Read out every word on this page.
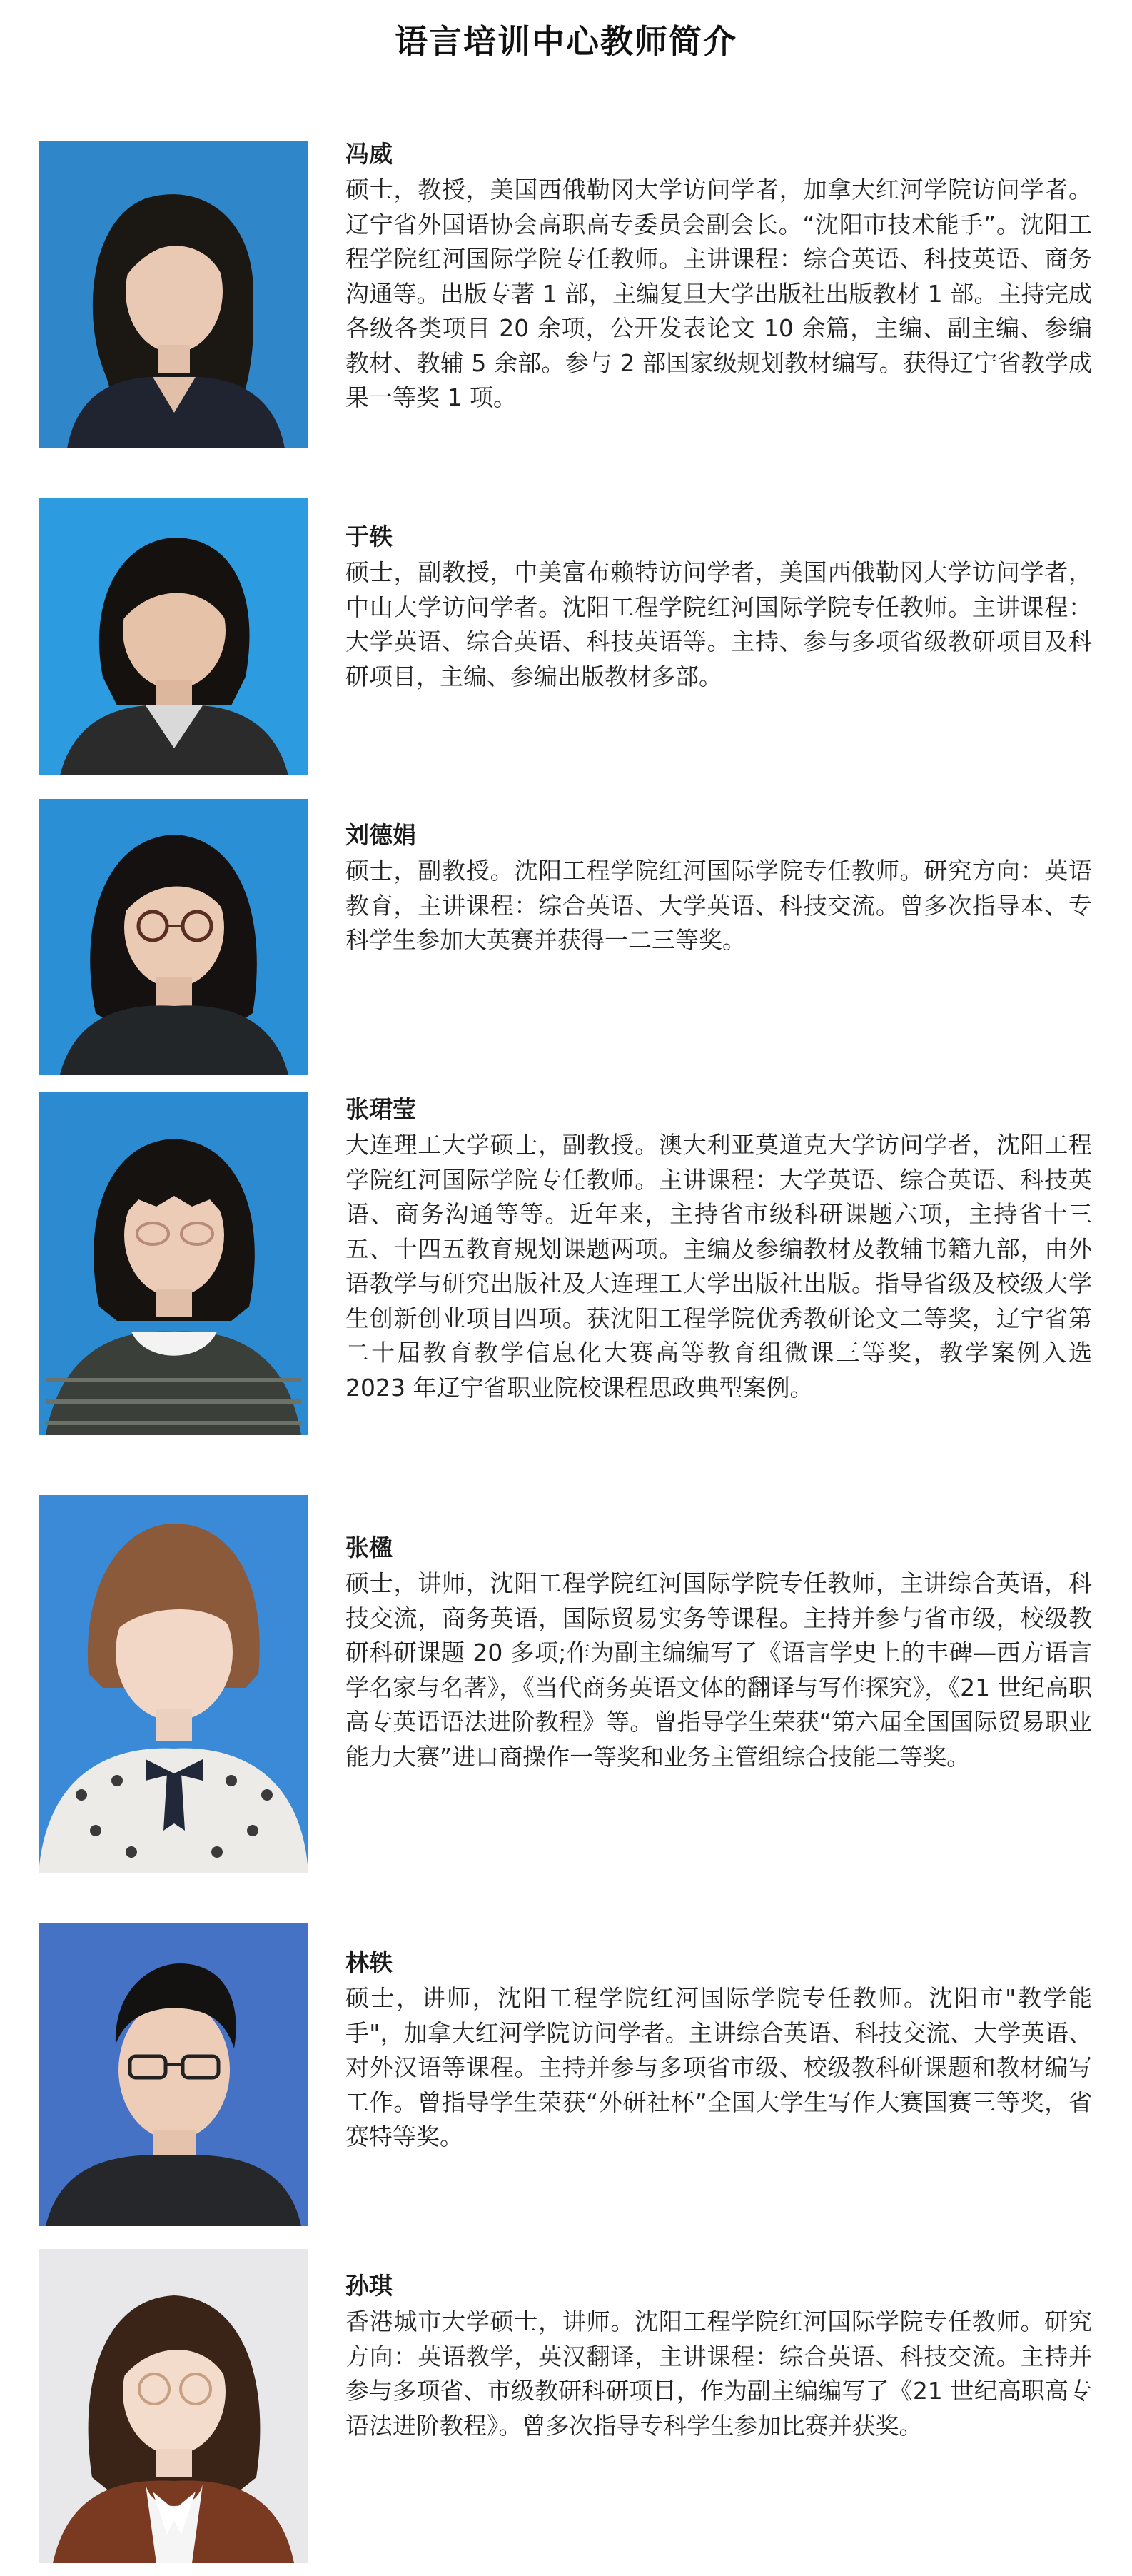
语言培训中心教师简介
冯威

硕士，教授，美国西俄勒冈大学访问学者，加拿大红河学院访问学者。辽宁省外国语协会高职高专委员会副会长。“沈阳市技术能手”。沈阳工程学院红河国际学院专任教师。主讲课程：综合英语、科技英语、商务沟通等。出版专著 1 部，主编复旦大学出版社出版教材 1 部。主持完成各级各类项目 20 余项，公开发表论文 10 余篇，主编、副主编、参编教材、教辅 5 余部。参与 2 部国家级规划教材编写。获得辽宁省教学成果一等奖 1 项。

于轶

硕士，副教授，中美富布赖特访问学者，美国西俄勒冈大学访问学者，中山大学访问学者。沈阳工程学院红河国际学院专任教师。主讲课程：大学英语、综合英语、科技英语等。主持、参与多项省级教研项目及科研项目，主编、参编出版教材多部。

刘德娟

硕士，副教授。沈阳工程学院红河国际学院专任教师。研究方向：英语教育，主讲课程：综合英语、大学英语、科技交流。曾多次指导本、专科学生参加大英赛并获得一二三等奖。

张珺莹

大连理工大学硕士，副教授。澳大利亚莫道克大学访问学者，沈阳工程学院红河国际学院专任教师。主讲课程：大学英语、综合英语、科技英语、商务沟通等等。近年来，主持省市级科研课题六项，主持省十三五、十四五教育规划课题两项。主编及参编教材及教辅书籍九部，由外语教学与研究出版社及大连理工大学出版社出版。指导省级及校级大学生创新创业项目四项。获沈阳工程学院优秀教研论文二等奖，辽宁省第二十届教育教学信息化大赛高等教育组微课三等奖，教学案例入选 2023 年辽宁省职业院校课程思政典型案例。

张楹

硕士，讲师，沈阳工程学院红河国际学院专任教师，主讲综合英语，科技交流，商务英语，国际贸易实务等课程。主持并参与省市级，校级教研科研课题 20 多项;作为副主编编写了《语言学史上的丰碑—西方语言学名家与名著》，《当代商务英语文体的翻译与写作探究》，《21 世纪高职高专英语语法进阶教程》等。曾指导学生荣获“第六届全国国际贸易职业能力大赛”进口商操作一等奖和业务主管组综合技能二等奖。

林轶

硕士，讲师，沈阳工程学院红河国际学院专任教师。沈阳市"教学能手"，加拿大红河学院访问学者。主讲综合英语、科技交流、大学英语、对外汉语等课程。主持并参与多项省市级、校级教科研课题和教材编写工作。曾指导学生荣获“外研社杯”全国大学生写作大赛国赛三等奖，省赛特等奖。

孙琪

香港城市大学硕士，讲师。沈阳工程学院红河国际学院专任教师。研究方向：英语教学，英汉翻译，主讲课程：综合英语、科技交流。主持并参与多项省、市级教研科研项目，作为副主编编写了《21 世纪高职高专语法进阶教程》。曾多次指导专科学生参加比赛并获奖。
